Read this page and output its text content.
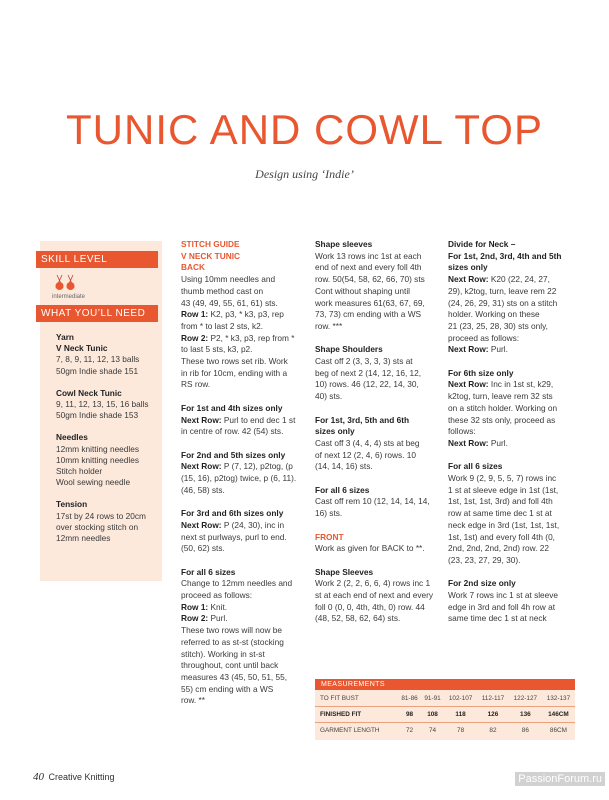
TUNIC AND COWL TOP
Design using ‘Indie’
SKILL LEVEL
intermediate
WHAT YOU’LL NEED
Yarn
V Neck Tunic
7, 8, 9, 11, 12, 13 balls
50gm Indie shade 151
Cowl Neck Tunic
9, 11, 12, 13, 15, 16 balls
50gm Indie shade 153
Needles
12mm knitting needles
10mm knitting needles
Stitch holder
Wool sewing needle
Tension
17st by 24 rows to 20cm
over stocking stitch on
12mm needles

STITCH GUIDE

V NECK TUNIC

BACK

Using 10mm needles and

thumb method cast on

43 (49, 49, 55, 61, 61) sts.

Row 1: K2, p3, * k3, p3, rep

from * to last 2 sts, k2.

Row 2: P2, * k3, p3, rep from *

to last 5 sts, k3, p2.

These two rows set rib. Work

in rib for 10cm, ending with a

RS row.

For 1st and 4th sizes only

Next Row: Purl to end dec 1 st

in centre of row. 42 (54) sts.

For 2nd and 5th sizes only

Next Row: P (7, 12), p2tog, (p

(15, 16), p2tog) twice, p (6, 11).

(46, 58) sts.

For 3rd and 6th sizes only

Next Row: P (24, 30), inc in

next st purlways, purl to end.

(50, 62) sts.

For all 6 sizes

Change to 12mm needles and

proceed as follows:

Row 1: Knit.

Row 2: Purl.

These two rows will now be

referred to as st-st (stocking

stitch). Working in st-st

throughout, cont until back

measures 43 (45, 50, 51, 55,

55) cm ending with a WS

row. **

Shape sleeves

Work 13 rows inc 1st at each

end of next and every foll 4th

row. 50(54, 58, 62, 66, 70) sts

Cont without shaping until

work measures 61(63, 67, 69,

73, 73) cm ending with a WS

row. ***

Shape Shoulders

Cast off 2 (3, 3, 3, 3) sts at

beg of next 2 (14, 12, 16, 12,

10) rows. 46 (12, 22, 14, 30,

40) sts.

For 1st, 3rd, 5th and 6th

sizes only

Cast off 3 (4, 4, 4) sts at beg

of next 12 (2, 4, 6) rows. 10

(14, 14, 16) sts.

For all 6 sizes

Cast off rem 10 (12, 14, 14, 14,

16) sts.

FRONT

Work as given for BACK to **.

Shape Sleeves

Work 2 (2, 2, 6, 6, 4) rows inc 1

st at each end of next and every

foll 0 (0, 0, 4th, 4th, 0) row. 44

(48, 52, 58, 62, 64) sts.

Divide for Neck –

For 1st, 2nd, 3rd, 4th and 5th

sizes only

Next Row: K20 (22, 24, 27,

29), k2tog, turn, leave rem 22

(24, 26, 29, 31) sts on a stitch

holder. Working on these

21 (23, 25, 28, 30) sts only,

proceed as follows:

Next Row: Purl.

For 6th size only

Next Row: Inc in 1st st, k29,

k2tog, turn, leave rem 32 sts

on a stitch holder. Working on

these 32 sts only, proceed as

follows:

Next Row: Purl.

For all 6 sizes

Work 9 (2, 9, 5, 5, 7) rows inc

1 st at sleeve edge in 1st (1st,

1st, 1st, 1st, 3rd) and foll 4th

row at same time dec 1 st at

neck edge in 3rd (1st, 1st, 1st,

1st, 1st) and every foll 4th (0,

2nd, 2nd, 2nd, 2nd) row. 22

(23, 23, 27, 29, 30).

For 2nd size only

Work 7 rows inc 1 st at sleeve

edge in 3rd and foll 4h row at

same time dec 1 st at neck

MEASUREMENTS
TO FIT BUST	81-86	91-91	102-107	112-117	122-127	132-137
FINISHED FIT	98	108	118	126	136	146CM
GARMENT LENGTH	72	74	78	82	86	86CM
40 Creative Knitting	PassionForum.ru
